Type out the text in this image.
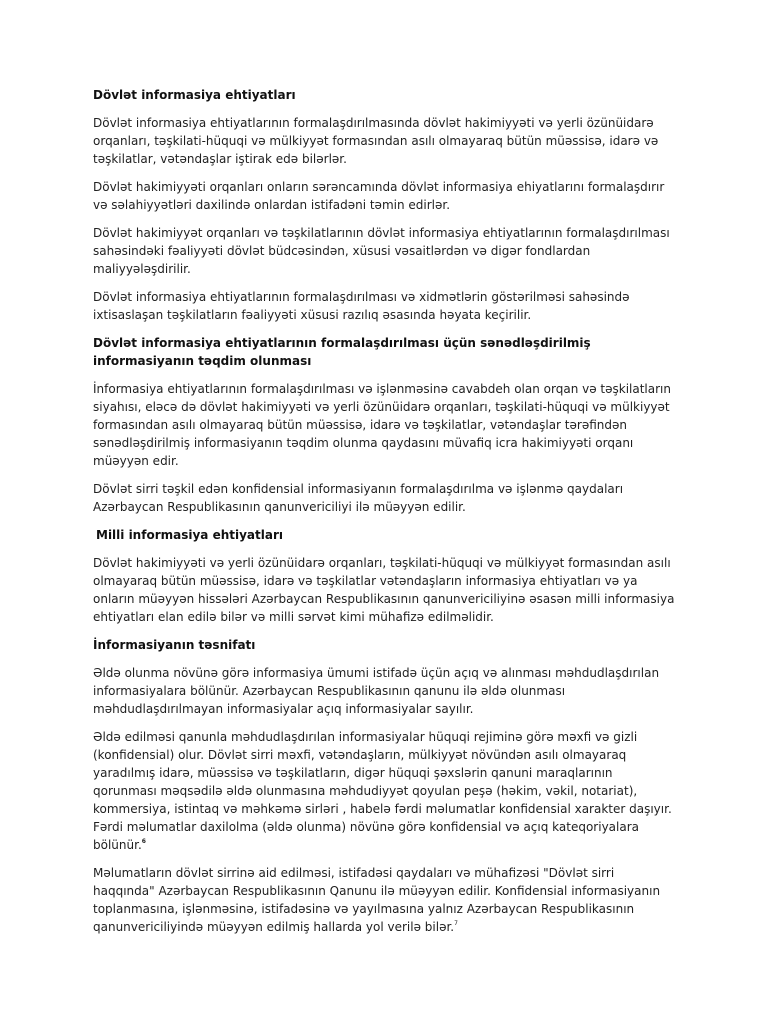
Dövlət informasiya ehtiyatları

Dövlət informasiya ehtiyatlarının formalaşdırılmasında dövlət hakimiyyəti və yerli özünüidarə orqanları, təşkilati-hüquqi və mülkiyyət formasından asılı olmayaraq bütün müəssisə, idarə və təşkilatlar, vətəndaşlar iştirak edə bilərlər.

Dövlət hakimiyyəti orqanları onların sərəncamında dövlət informasiya ehiyatlarını formalaşdırır və səlahiyyətləri daxilində onlardan istifadəni təmin edirlər.

Dövlət hakimiyyət orqanları və təşkilatlarının dövlət informasiya ehtiyatlarının formalaşdırılması sahəsindəki fəaliyyəti dövlət büdcəsindən, xüsusi vəsaitlərdən və digər fondlardan maliyyələşdirilir.

Dövlət informasiya ehtiyatlarının formalaşdırılması və xidmətlərin göstərilməsi sahəsində ixtisaslaşan təşkilatların fəaliyyəti xüsusi razılıq əsasında həyata keçirilir.

Dövlət informasiya ehtiyatlarının formalaşdırılması üçün sənədləşdirilmiş informasiyanın təqdim olunması

İnformasiya ehtiyatlarının formalaşdırılması və işlənməsinə cavabdeh olan orqan və təşkilatların siyahısı, eləcə də dövlət hakimiyyəti və yerli özünüidarə orqanları, təşkilati-hüquqi və mülkiyyət formasından asılı olmayaraq bütün müəssisə, idarə və təşkilatlar, vətəndaşlar tərəfindən sənədləşdirilmiş informasiyanın təqdim olunma qaydasını müvafiq icra hakimiyyəti orqanı müəyyən edir.

Dövlət sirri təşkil edən konfidensial informasiyanın formalaşdırılma və işlənmə qaydaları Azərbaycan Respublikasının qanunvericiliyi ilə müəyyən edilir.

Milli informasiya ehtiyatları

Dövlət hakimiyyəti və yerli özünüidarə orqanları, təşkilati-hüquqi və mülkiyyət formasından asılı olmayaraq bütün müəssisə, idarə və təşkilatlar vətəndaşların informasiya ehtiyatları və ya onların müəyyən hissələri Azərbaycan Respublikasının qanunvericiliyinə əsasən milli informasiya ehtiyatları elan edilə bilər və milli sərvət kimi mühafizə edilməlidir.

İnformasiyanın təsnifatı

Əldə olunma növünə görə informasiya ümumi istifadə üçün açıq və alınması məhdudlaşdırılan informasiyalara bölünür. Azərbaycan Respublikasının qanunu ilə əldə olunması məhdudlaşdırılmayan informasiyalar açıq informasiyalar sayılır.

Əldə edilməsi qanunla məhdudlaşdırılan informasiyalar hüquqi rejiminə görə məxfi və gizli (konfidensial) olur. Dövlət sirri məxfi, vətəndaşların, mülkiyyət növündən asılı olmayaraq yaradılmış idarə, müəssisə və təşkilatların, digər hüquqi şəxslərin qanuni maraqlarının qorunması məqsədilə əldə olunmasına məhdudiyyət qoyulan peşə (həkim, vəkil, notariat), kommersiya, istintaq və məhkəmə sirləri , habelə fərdi məlumatlar konfidensial xarakter daşıyır. Fərdi məlumatlar daxilolma (əldə olunma) növünə görə konfidensial və açıq kateqoriyalara bölünür.$^6$

Məlumatların dövlət sirrinə aid edilməsi, istifadəsi qaydaları və mühafizəsi "Dövlət sirri haqqında" Azərbaycan Respublikasının Qanunu ilə müəyyən edilir. Konfidensial informasiyanın toplanmasına, işlənməsinə, istifadəsinə və yayılmasına yalnız Azərbaycan Respublikasının qanunvericiliyində müəyyən edilmiş hallarda yol verilə bilər.$^7$
